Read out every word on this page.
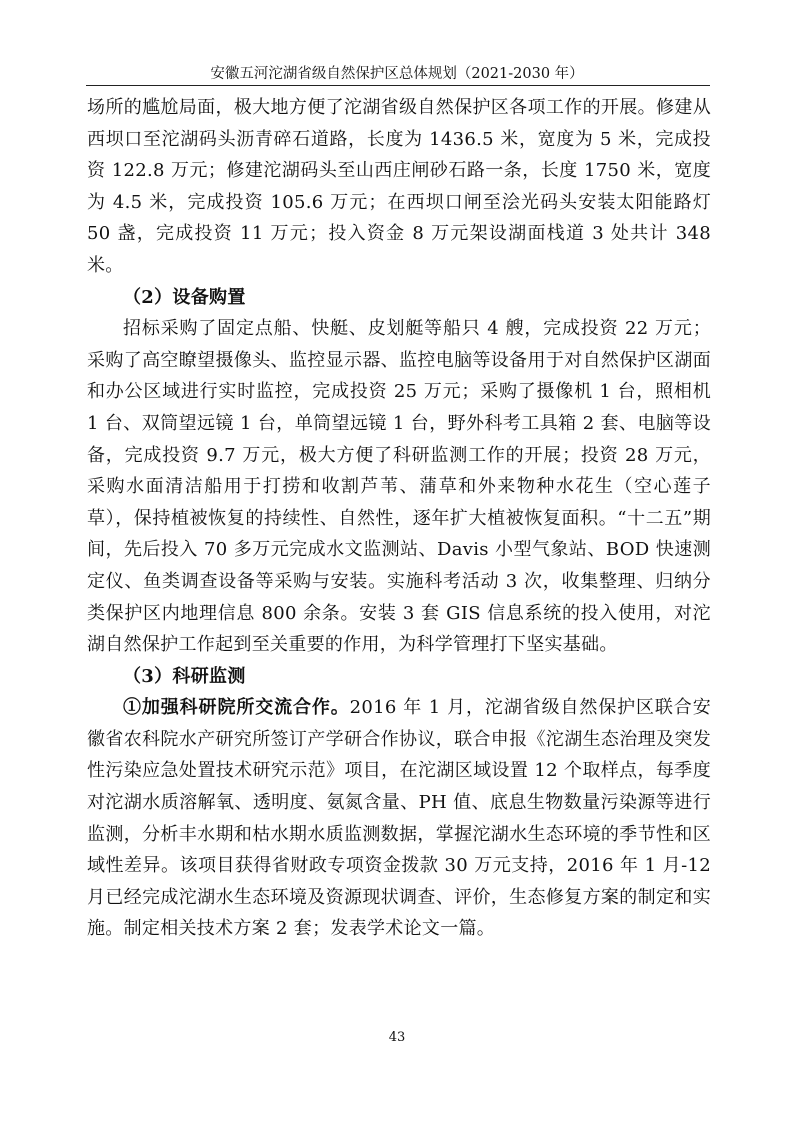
安徽五河沱湖省级自然保护区总体规划（2021-2030 年）

场所的尴尬局面，极大地方便了沱湖省级自然保护区各项工作的开展。修建从西坝口至沱湖码头沥青碎石道路，长度为 1436.5 米，宽度为 5 米，完成投资 122.8 万元；修建沱湖码头至山西庄闸砂石路一条，长度 1750 米，宽度为 4.5 米，完成投资 105.6 万元；在西坝口闸至浍光码头安装太阳能路灯 50 盏，完成投资 11 万元；投入资金 8 万元架设湖面栈道 3 处共计 348 米。

（2）设备购置

招标采购了固定点船、快艇、皮划艇等船只 4 艘，完成投资 22 万元；采购了高空瞭望摄像头、监控显示器、监控电脑等设备用于对自然保护区湖面和办公区域进行实时监控，完成投资 25 万元；采购了摄像机 1 台，照相机 1 台、双筒望远镜 1 台，单筒望远镜 1 台，野外科考工具箱 2 套、电脑等设备，完成投资 9.7 万元，极大方便了科研监测工作的开展；投资 28 万元，采购水面清洁船用于打捞和收割芦苇、蒲草和外来物种水花生（空心莲子草），保持植被恢复的持续性、自然性，逐年扩大植被恢复面积。“十二五”期间，先后投入 70 多万元完成水文监测站、Davis 小型气象站、BOD 快速测定仪、鱼类调查设备等采购与安装。实施科考活动 3 次，收集整理、归纳分类保护区内地理信息 800 余条。安装 3 套 GIS 信息系统的投入使用，对沱湖自然保护工作起到至关重要的作用，为科学管理打下坚实基础。

（3）科研监测

①加强科研院所交流合作。2016 年 1 月，沱湖省级自然保护区联合安徽省农科院水产研究所签订产学研合作协议，联合申报《沱湖生态治理及突发性污染应急处置技术研究示范》项目，在沱湖区域设置 12 个取样点，每季度对沱湖水质溶解氧、透明度、氨氮含量、PH 值、底息生物数量污染源等进行监测，分析丰水期和枯水期水质监测数据，掌握沱湖水生态环境的季节性和区域性差异。该项目获得省财政专项资金拨款 30 万元支持，2016 年 1 月-12 月已经完成沱湖水生态环境及资源现状调查、评价，生态修复方案的制定和实施。制定相关技术方案 2 套；发表学术论文一篇。

43
